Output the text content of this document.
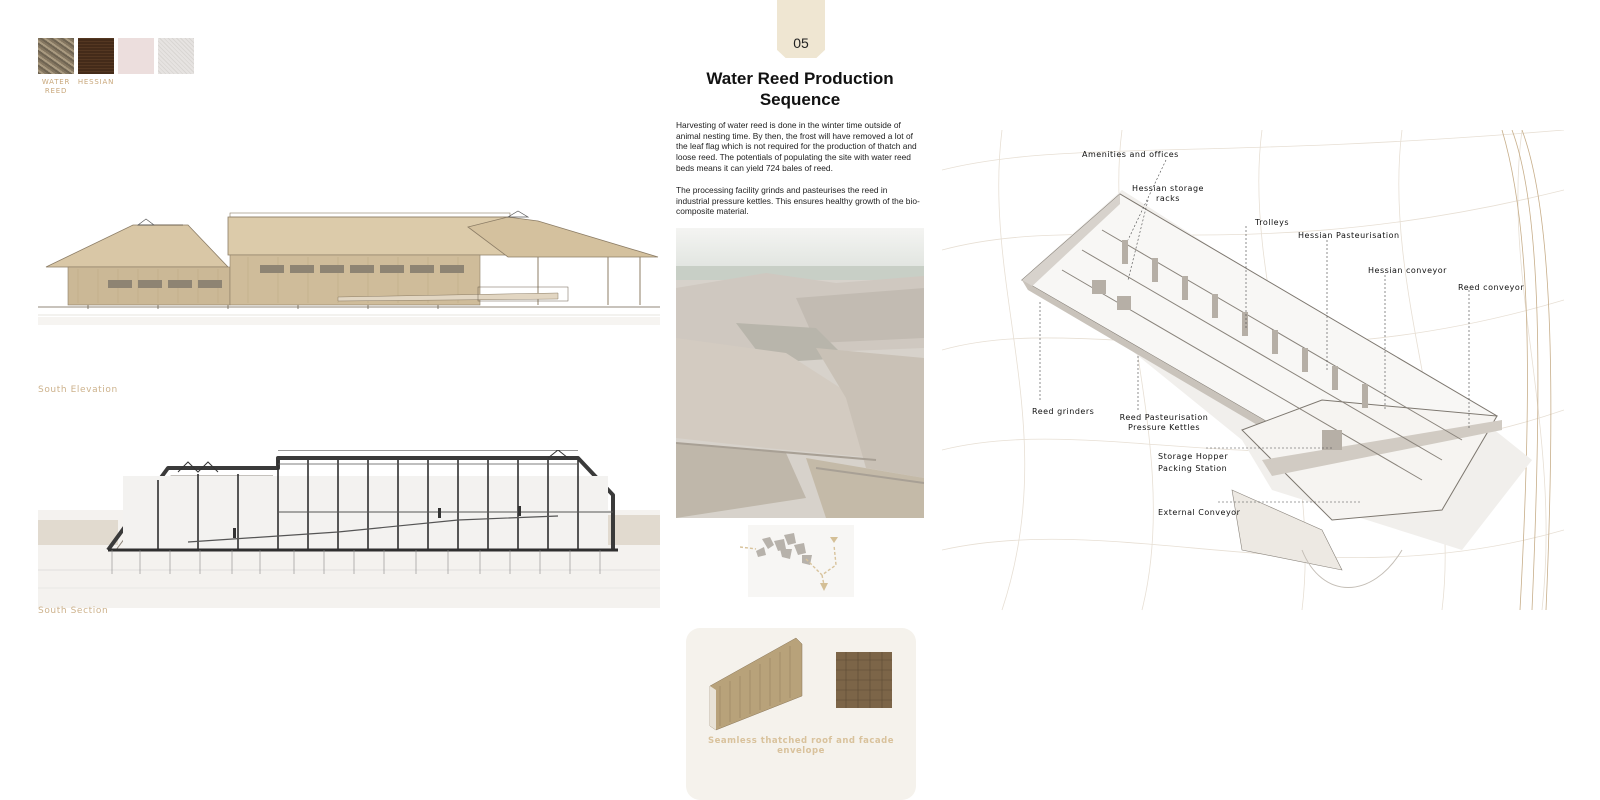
WATER REED
HESSIAN
South Elevation
South Section
05
Water Reed Production Sequence
Harvesting of water reed is done in the winter time outside of animal nesting time. By then, the frost will have removed a lot of the leaf flag which is not required for the production of thatch and loose reed. The potentials of populating the site with water reed beds means it can yield 724 bales of reed.
The processing facility grinds and pasteurises the reed in industrial pressure kettles. This ensures healthy growth of the bio-composite material.
Seamless thatched roof and facade envelope
Amenities and offices
Hessian storage racks
Trolleys
Hessian Pasteurisation
Hessian conveyor
Reed conveyor
Reed grinders
Reed Pasteurisation Pressure Kettles
Storage Hopper
Packing Station
External Conveyor
